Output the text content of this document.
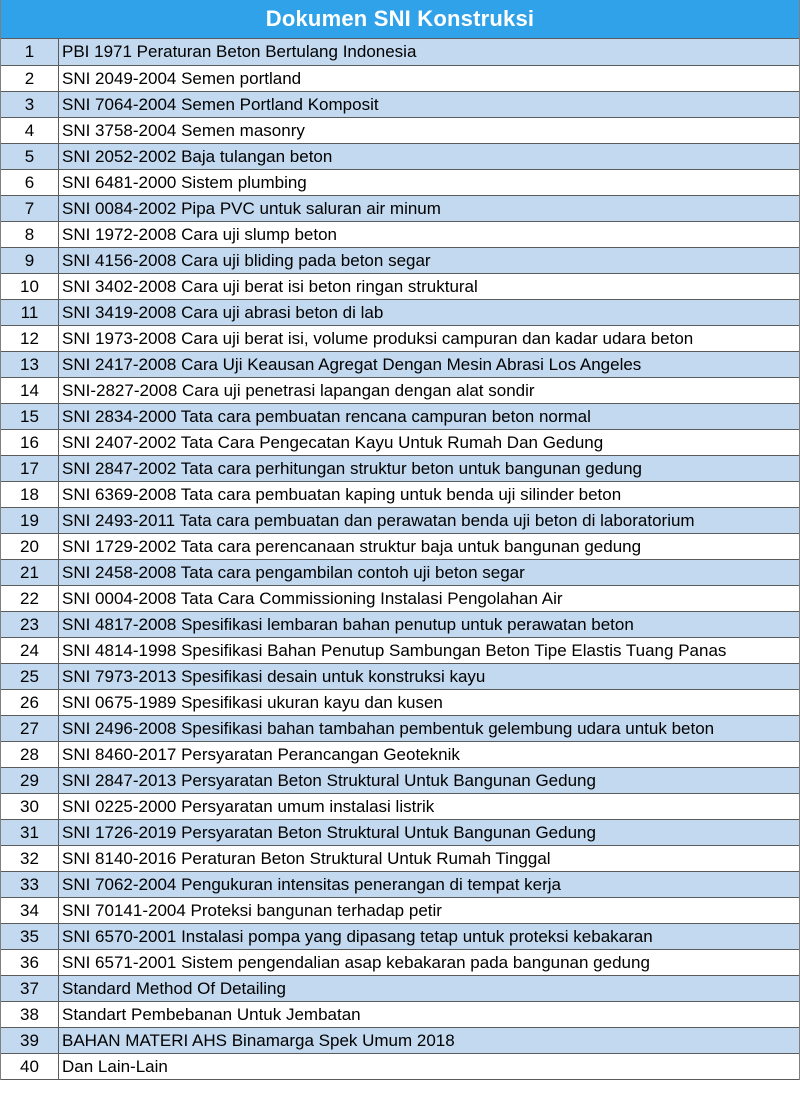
Dokumen SNI Konstruksi
1	PBI 1971 Peraturan Beton Bertulang Indonesia
2	SNI 2049-2004 Semen portland
3	SNI 7064-2004 Semen Portland Komposit
4	SNI 3758-2004 Semen masonry
5	SNI 2052-2002 Baja tulangan beton
6	SNI 6481-2000 Sistem plumbing
7	SNI 0084-2002 Pipa PVC untuk saluran air minum
8	SNI 1972-2008 Cara uji slump beton
9	SNI 4156-2008 Cara uji bliding pada beton segar
10	SNI 3402-2008 Cara uji berat isi beton ringan struktural
11	SNI 3419-2008 Cara uji abrasi beton di lab
12	SNI 1973-2008 Cara uji berat isi, volume produksi campuran dan kadar udara beton
13	SNI 2417-2008 Cara Uji Keausan Agregat Dengan Mesin Abrasi Los Angeles
14	SNI-2827-2008 Cara uji penetrasi lapangan dengan alat sondir
15	SNI 2834-2000 Tata cara pembuatan rencana campuran beton normal
16	SNI 2407-2002 Tata Cara Pengecatan Kayu Untuk Rumah Dan Gedung
17	SNI 2847-2002 Tata cara perhitungan struktur beton untuk bangunan gedung
18	SNI 6369-2008 Tata cara pembuatan kaping untuk benda uji silinder beton
19	SNI 2493-2011 Tata cara pembuatan dan perawatan benda uji beton di laboratorium
20	SNI 1729-2002 Tata cara perencanaan struktur baja untuk bangunan gedung
21	SNI 2458-2008 Tata cara pengambilan contoh uji beton segar
22	SNI 0004-2008 Tata Cara Commissioning Instalasi Pengolahan Air
23	SNI 4817-2008 Spesifikasi lembaran bahan penutup untuk perawatan beton
24	SNI 4814-1998 Spesifikasi Bahan Penutup Sambungan Beton Tipe Elastis Tuang Panas
25	SNI 7973-2013 Spesifikasi desain untuk konstruksi kayu
26	SNI 0675-1989 Spesifikasi ukuran kayu dan kusen
27	SNI 2496-2008 Spesifikasi bahan tambahan pembentuk gelembung udara untuk beton
28	SNI 8460-2017 Persyaratan Perancangan Geoteknik
29	SNI 2847-2013 Persyaratan Beton Struktural Untuk Bangunan Gedung
30	SNI 0225-2000 Persyaratan umum instalasi listrik
31	SNI 1726-2019 Persyaratan Beton Struktural Untuk Bangunan Gedung
32	SNI 8140-2016 Peraturan Beton Struktural Untuk Rumah Tinggal
33	SNI 7062-2004 Pengukuran intensitas penerangan di tempat kerja
34	SNI 70141-2004 Proteksi bangunan terhadap petir
35	SNI 6570-2001 Instalasi pompa yang dipasang tetap untuk proteksi kebakaran
36	SNI 6571-2001 Sistem pengendalian asap kebakaran pada bangunan gedung
37	Standard Method Of Detailing
38	Standart Pembebanan Untuk Jembatan
39	BAHAN MATERI AHS Binamarga Spek Umum 2018
40	Dan Lain-Lain
